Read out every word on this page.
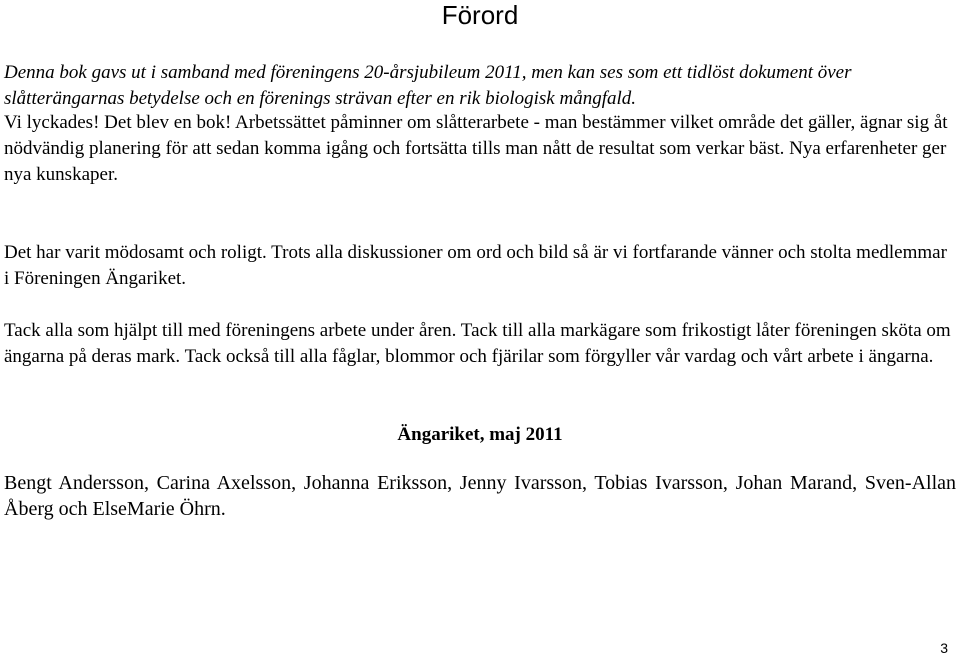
Förord

Denna bok gavs ut i samband med föreningens 20-årsjubileum 2011, men kan ses som ett tidlöst dokument över slåtterängarnas betydelse och en förenings strävan efter en rik biologisk mångfald.

Vi lyckades! Det blev en bok! Arbetssättet påminner om slåtterarbete - man bestämmer vilket område det gäller, ägnar sig åt nödvändig planering för att sedan komma igång och fortsätta tills man nått de resultat som verkar bäst. Nya erfarenheter ger nya kunskaper.

Det har varit mödosamt och roligt. Trots alla diskussioner om ord och bild så är vi fortfarande vänner och stolta medlemmar i Föreningen Ängariket.

Tack alla som hjälpt till med föreningens arbete under åren. Tack till alla markägare som frikostigt låter föreningen sköta om ängarna på deras mark. Tack också till alla fåglar, blommor och fjärilar som förgyller vår vardag och vårt arbete i ängarna.

Ängariket, maj 2011

Bengt Andersson, Carina Axelsson, Johanna Eriksson, Jenny Ivarsson, Tobias Ivarsson, Johan Marand, Sven-Allan Åberg och ElseMarie Öhrn.

3
